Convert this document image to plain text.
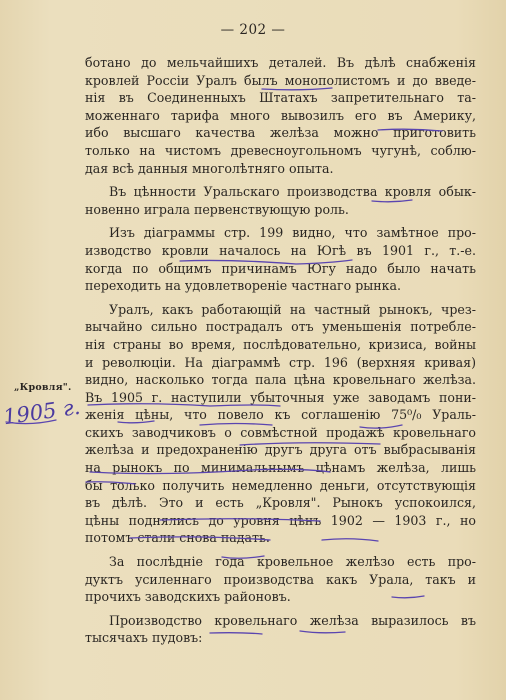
— 202 —
ботано до мельчайшихъ деталей. Въ дѣлѣ снабженія
кровлей Россіи Уралъ былъ монополистомъ и до введе-
нія въ Соединенныхъ Штатахъ запретительнаго та-
моженнаго тарифа много вывозилъ его въ Америку,
ибо высшаго качества желѣза можно приготовить
только на чистомъ древесноугольномъ чугунѣ, соблю-
дая всѣ данныя многолѣтняго опыта.
Въ цѣнности Уральскаго производства кровля обык-
новенно играла первенствующую роль.
Изъ діаграммы стр. 199 видно, что замѣтное про-
изводство кровли началось на Югѣ въ 1901 г., т.-е.
когда по общимъ причинамъ Югу надо было начать
переходить на удовлетвореніе частнаго рынка.
Уралъ, какъ работающій на частный рынокъ, чрез-
вычайно сильно пострадалъ отъ уменьшенія потребле-
нія страны во время, послѣдовательно, кризиса, войны
и революціи. На діаграммѣ стр. 196 (верхняя кривая)
видно, насколько тогда пала цѣна кровельнаго желѣза.
Въ 1905 г. наступили убыточныя уже заводамъ пони-
женія цѣны, что повело къ соглашенію 75⁰/₀ Ураль-
скихъ заводчиковъ о совмѣстной продажѣ кровельнаго
желѣза и предохраненію другъ друга отъ выбрасыванія
на рынокъ по минимальнымъ цѣнамъ желѣза, лишь
бы только получить немедленно деньги, отсутствующія
въ дѣлѣ. Это и есть „Кровля". Рынокъ успокоился,
цѣны поднялись до уровня цѣнъ 1902 — 1903 г., но
потомъ стали снова падать.
За послѣдніе года кровельное желѣзо есть про-
дуктъ усиленнаго производства какъ Урала, такъ и
прочихъ заводскихъ районовъ.
Производство кровельнаго желѣза выразилось въ
тысячахъ пудовъ:
„Кровля".
1905 г.
